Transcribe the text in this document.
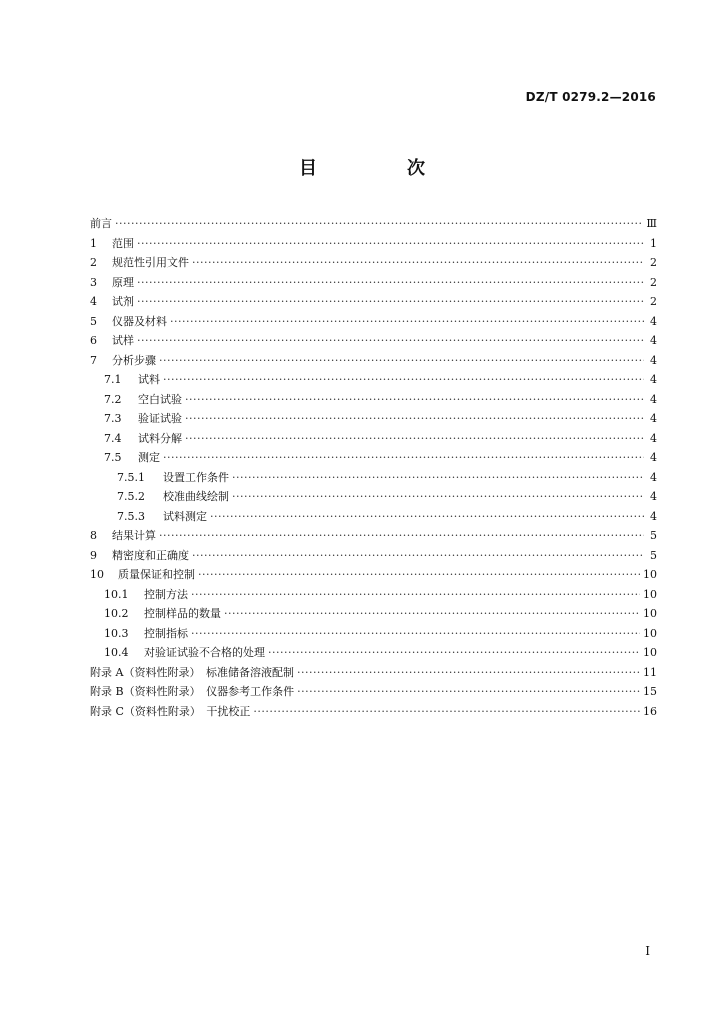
DZ/T 0279.2—2016
目　次
前言 ·····	Ⅲ
1	范围 ·····	1
2	规范性引用文件 ·····	2
3	原理 ·····	2
4	试剂 ·····	2
5	仪器及材料 ·····	4
6	试样 ·····	4
7	分析步骤 ·····	4
7.1	试料 ·····	4
7.2	空白试验 ·····	4
7.3	验证试验 ·····	4
7.4	试料分解 ·····	4
7.5	测定 ·····	4
7.5.1	设置工作条件 ·····	4
7.5.2	校准曲线绘制 ·····	4
7.5.3	试料测定 ·····	4
8	结果计算 ·····	5
9	精密度和正确度 ·····	5
10	质量保证和控制 ·····	10
10.1	控制方法 ·····	10
10.2	控制样品的数量 ·····	10
10.3	控制指标 ·····	10
10.4	对验证试验不合格的处理 ·····	10
附录 A（资料性附录）　标准储备溶液配制 ·····	11
附录 B（资料性附录）　仪器参考工作条件 ·····	15
附录 C（资料性附录）　干扰校正 ·····	16
Ⅰ
